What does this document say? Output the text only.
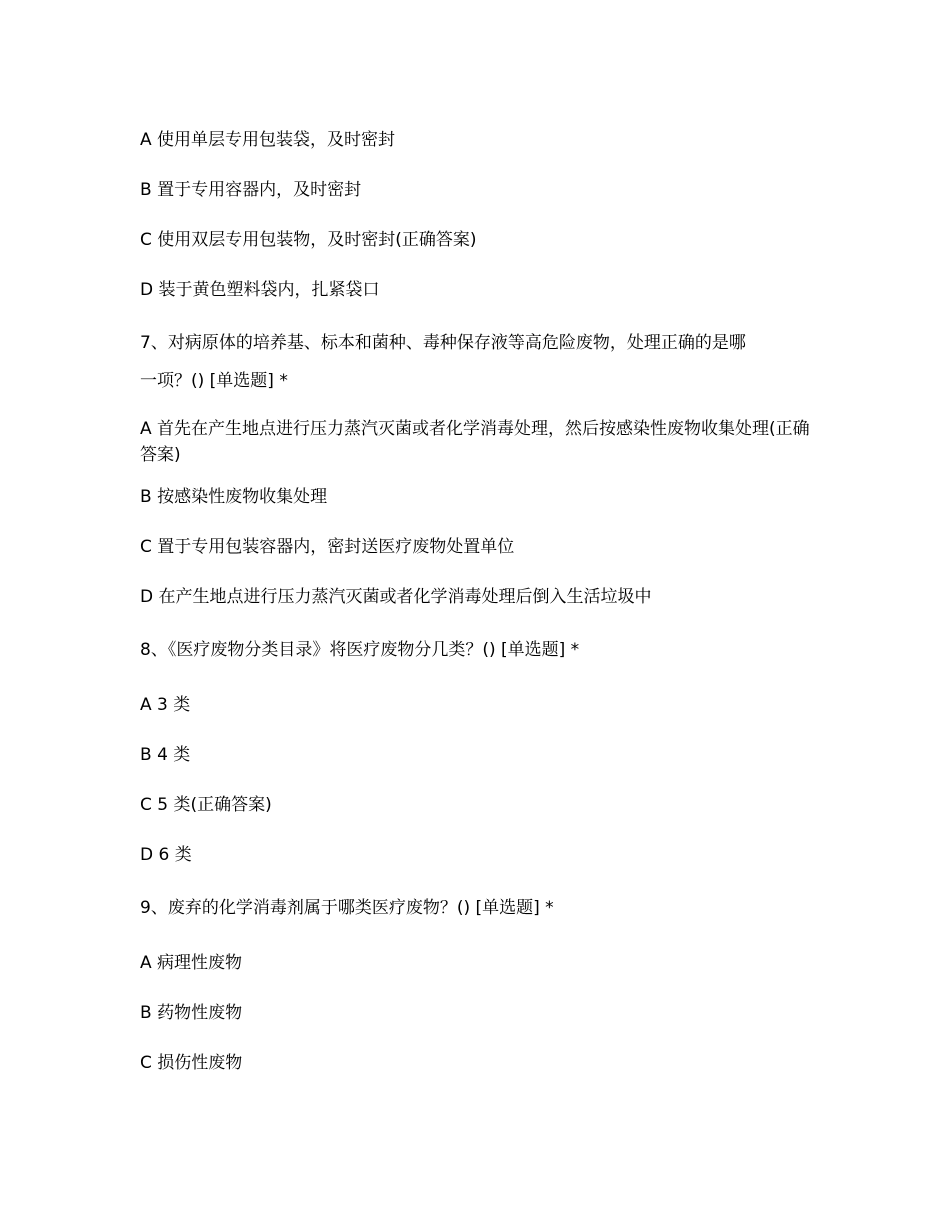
A 使用单层专用包装袋，及时密封
B 置于专用容器内，及时密封
C 使用双层专用包装物，及时密封(正确答案)
D 装于黄色塑料袋内，扎紧袋口
7、对病原体的培养基、标本和菌种、毒种保存液等高危险废物，处理正确的是哪
一项？() [单选题] *
A 首先在产生地点进行压力蒸汽灭菌或者化学消毒处理，然后按感染性废物收集处理(正确答案)
B 按感染性废物收集处理
C 置于专用包装容器内，密封送医疗废物处置单位
D 在产生地点进行压力蒸汽灭菌或者化学消毒处理后倒入生活垃圾中
8、《医疗废物分类目录》将医疗废物分几类？() [单选题] *
A 3 类
B 4 类
C 5 类(正确答案)
D 6 类
9、废弃的化学消毒剂属于哪类医疗废物？() [单选题] *
A 病理性废物
B 药物性废物
C 损伤性废物
